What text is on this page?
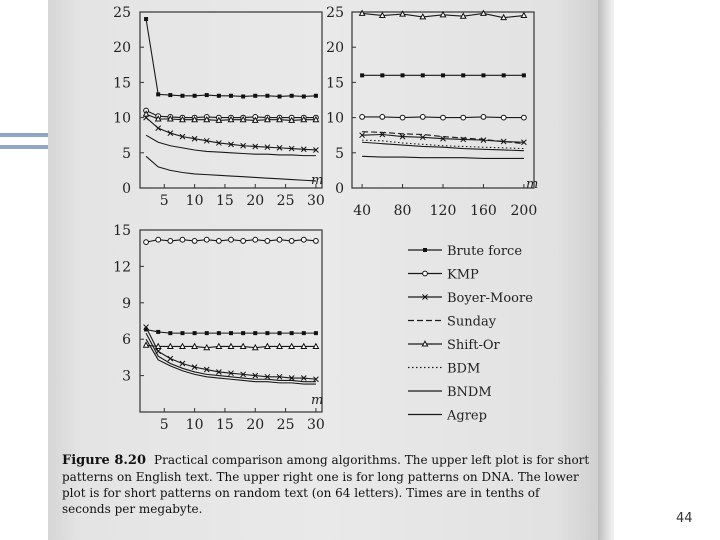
5 10 15 20 25 30
0
5
10
15
20
25
m
40 80 120 160 200
0
5
10
15
20
25
m
5 10 15 20 25 30
3
6
9
12
15
m
Brute force
KMP
Boyer-Moore
Sunday
Shift-Or
BDM
BNDM
Agrep
Figure 8.20 Practical comparison among algorithms. The upper left plot is for short patterns on English text. The upper right one is for long patterns on DNA. The lower plot is for short patterns on random text (on 64 letters). Times are in tenths of seconds per megabyte.
44
